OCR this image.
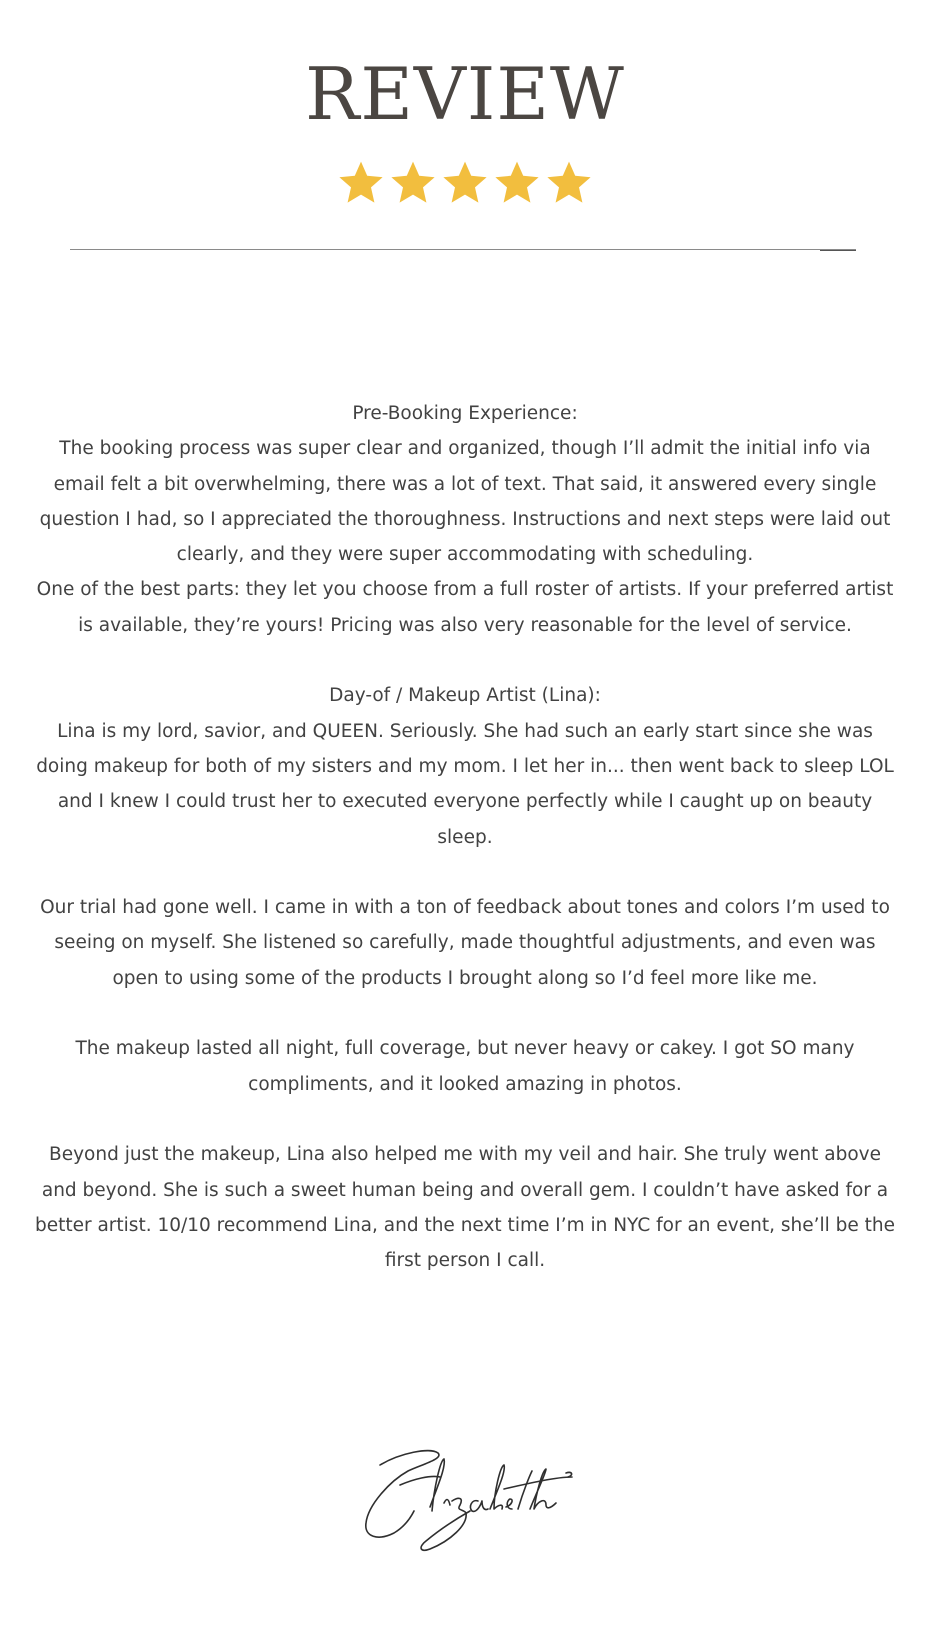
REVIEW

Pre-Booking Experience:

The booking process was super clear and organized, though I’ll admit the initial info via email felt a bit overwhelming, there was a lot of text. That said, it answered every single question I had, so I appreciated the thoroughness. Instructions and next steps were laid out clearly, and they were super accommodating with scheduling.

One of the best parts: they let you choose from a full roster of artists. If your preferred artist is available, they’re yours! Pricing was also very reasonable for the level of service.

Day-of / Makeup Artist (Lina):

Lina is my lord, savior, and QUEEN. Seriously. She had such an early start since she was doing makeup for both of my sisters and my mom. I let her in... then went back to sleep LOL and I knew I could trust her to executed everyone perfectly while I caught up on beauty sleep.

Our trial had gone well. I came in with a ton of feedback about tones and colors I’m used to seeing on myself. She listened so carefully, made thoughtful adjustments, and even was open to using some of the products I brought along so I’d feel more like me.

The makeup lasted all night, full coverage, but never heavy or cakey. I got SO many compliments, and it looked amazing in photos.

Beyond just the makeup, Lina also helped me with my veil and hair. She truly went above and beyond. She is such a sweet human being and overall gem. I couldn’t have asked for a better artist. 10/10 recommend Lina, and the next time I’m in NYC for an event, she’ll be the first person I call.
